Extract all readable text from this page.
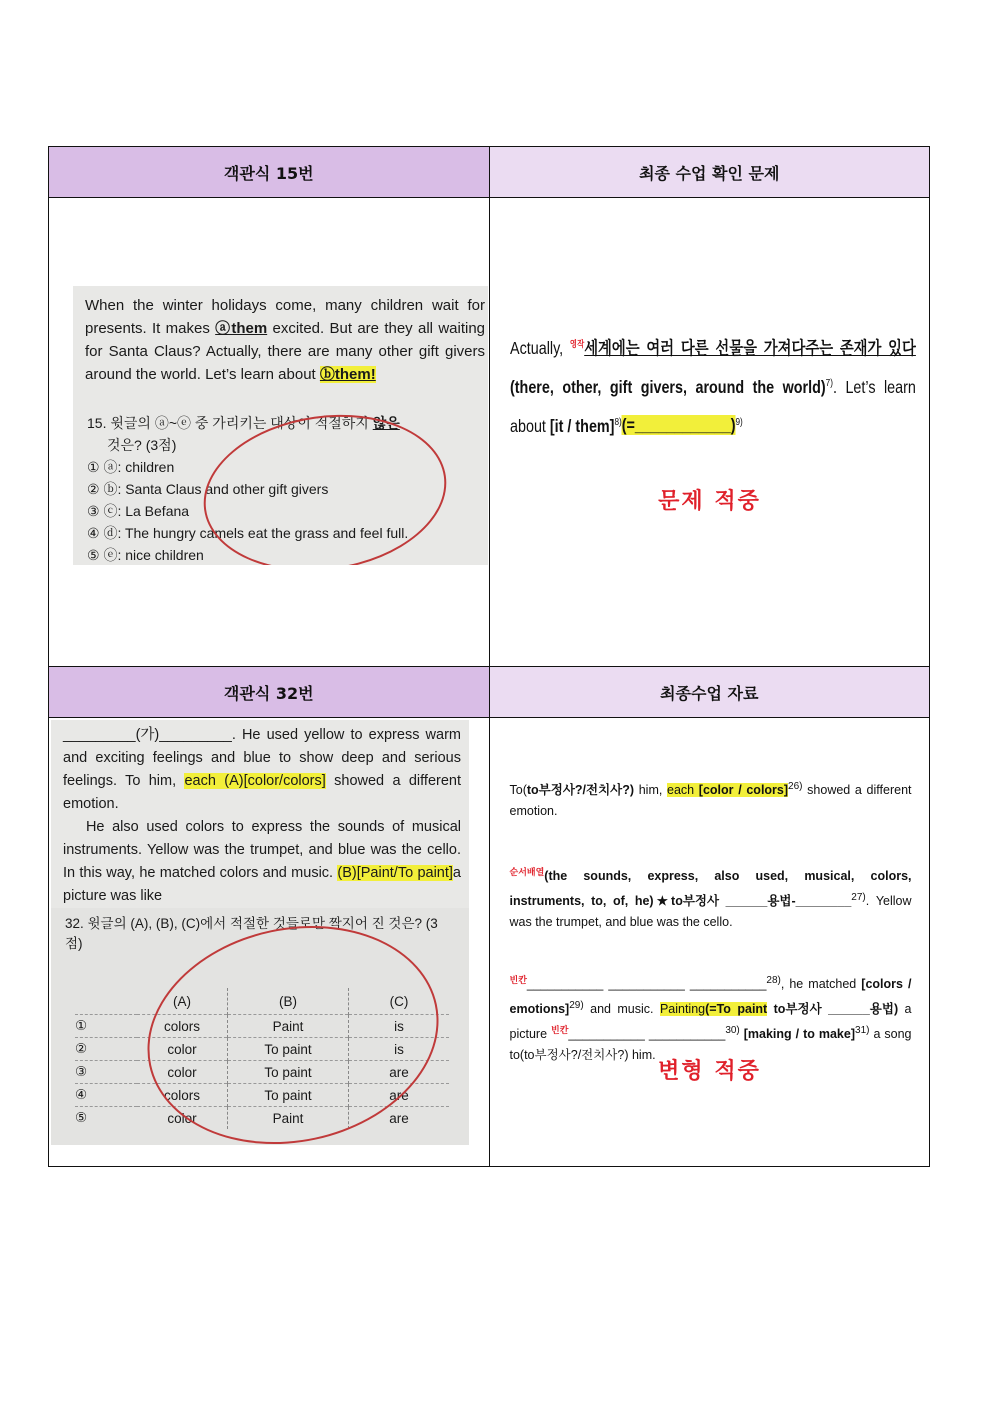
객관식 15번	최종 수업 확인 문제

When the winter holidays come, many children wait for presents. It makes ⓐthem excited. But are they all waiting for Santa Claus? Actually, there are many other gift givers around the world. Let’s learn about ⓑthem!

15. 윗글의 ⓐ~ⓔ 중 가리키는 대상이 적절하지 않은
것은? (3점)
① ⓐ: children
② ⓑ: Santa Claus and other gift givers
③ ⓒ: La Befana
④ ⓓ: The hungry camels eat the grass and feel full.
⑤ ⓔ: nice children

Actually, $^{영작}$세계에는 여러 다른 선물을 가져다주는 존재가 있다(there, other, gift givers, around the world)$^{7)}$. Let’s learn about [it / them]$^{8)}$(=____________)$^{9)}$
문제 적중

객관식 32번	최종수업 자료

_________(가)_________. He used yellow to express warm and exciting feelings and blue to show deep and serious feelings. To him, each (A)[color/colors] showed a different emotion.
He also used colors to express the sounds of musical instruments. Yellow was the trumpet, and blue was the cello. In this way, he matched colors and music. (B)[Paint/To paint]a picture was like

32. 윗글의 (A), (B), (C)에서 적절한 것들로만 짝지어 진 것은? (3점)
	(A)	(B)	(C)
①	colors	Paint	is
②	color	To paint	is
③	color	To paint	are
④	colors	To paint	are
⑤	color	Paint	are

To(to부정사?/전치사?) him, each [color / colors]$^{26)}$ showed a different emotion.
$^{순서배열}$(the sounds, express, also used, musical, colors, instruments, to, of, he)★to부정사 ______용법-________$^{27)}$. Yellow was the trumpet, and blue was the cello.
$^{빈칸}$___________ ___________ ___________$^{28)}$, he matched [colors / emotions]$^{29)}$ and music. Painting(=To paint to부정사 ______용법) a picture $^{빈칸}$___________ ___________$^{30)}$ [making / to make]$^{31)}$ a song to(to부정사?/전치사?) him.
변형 적중
